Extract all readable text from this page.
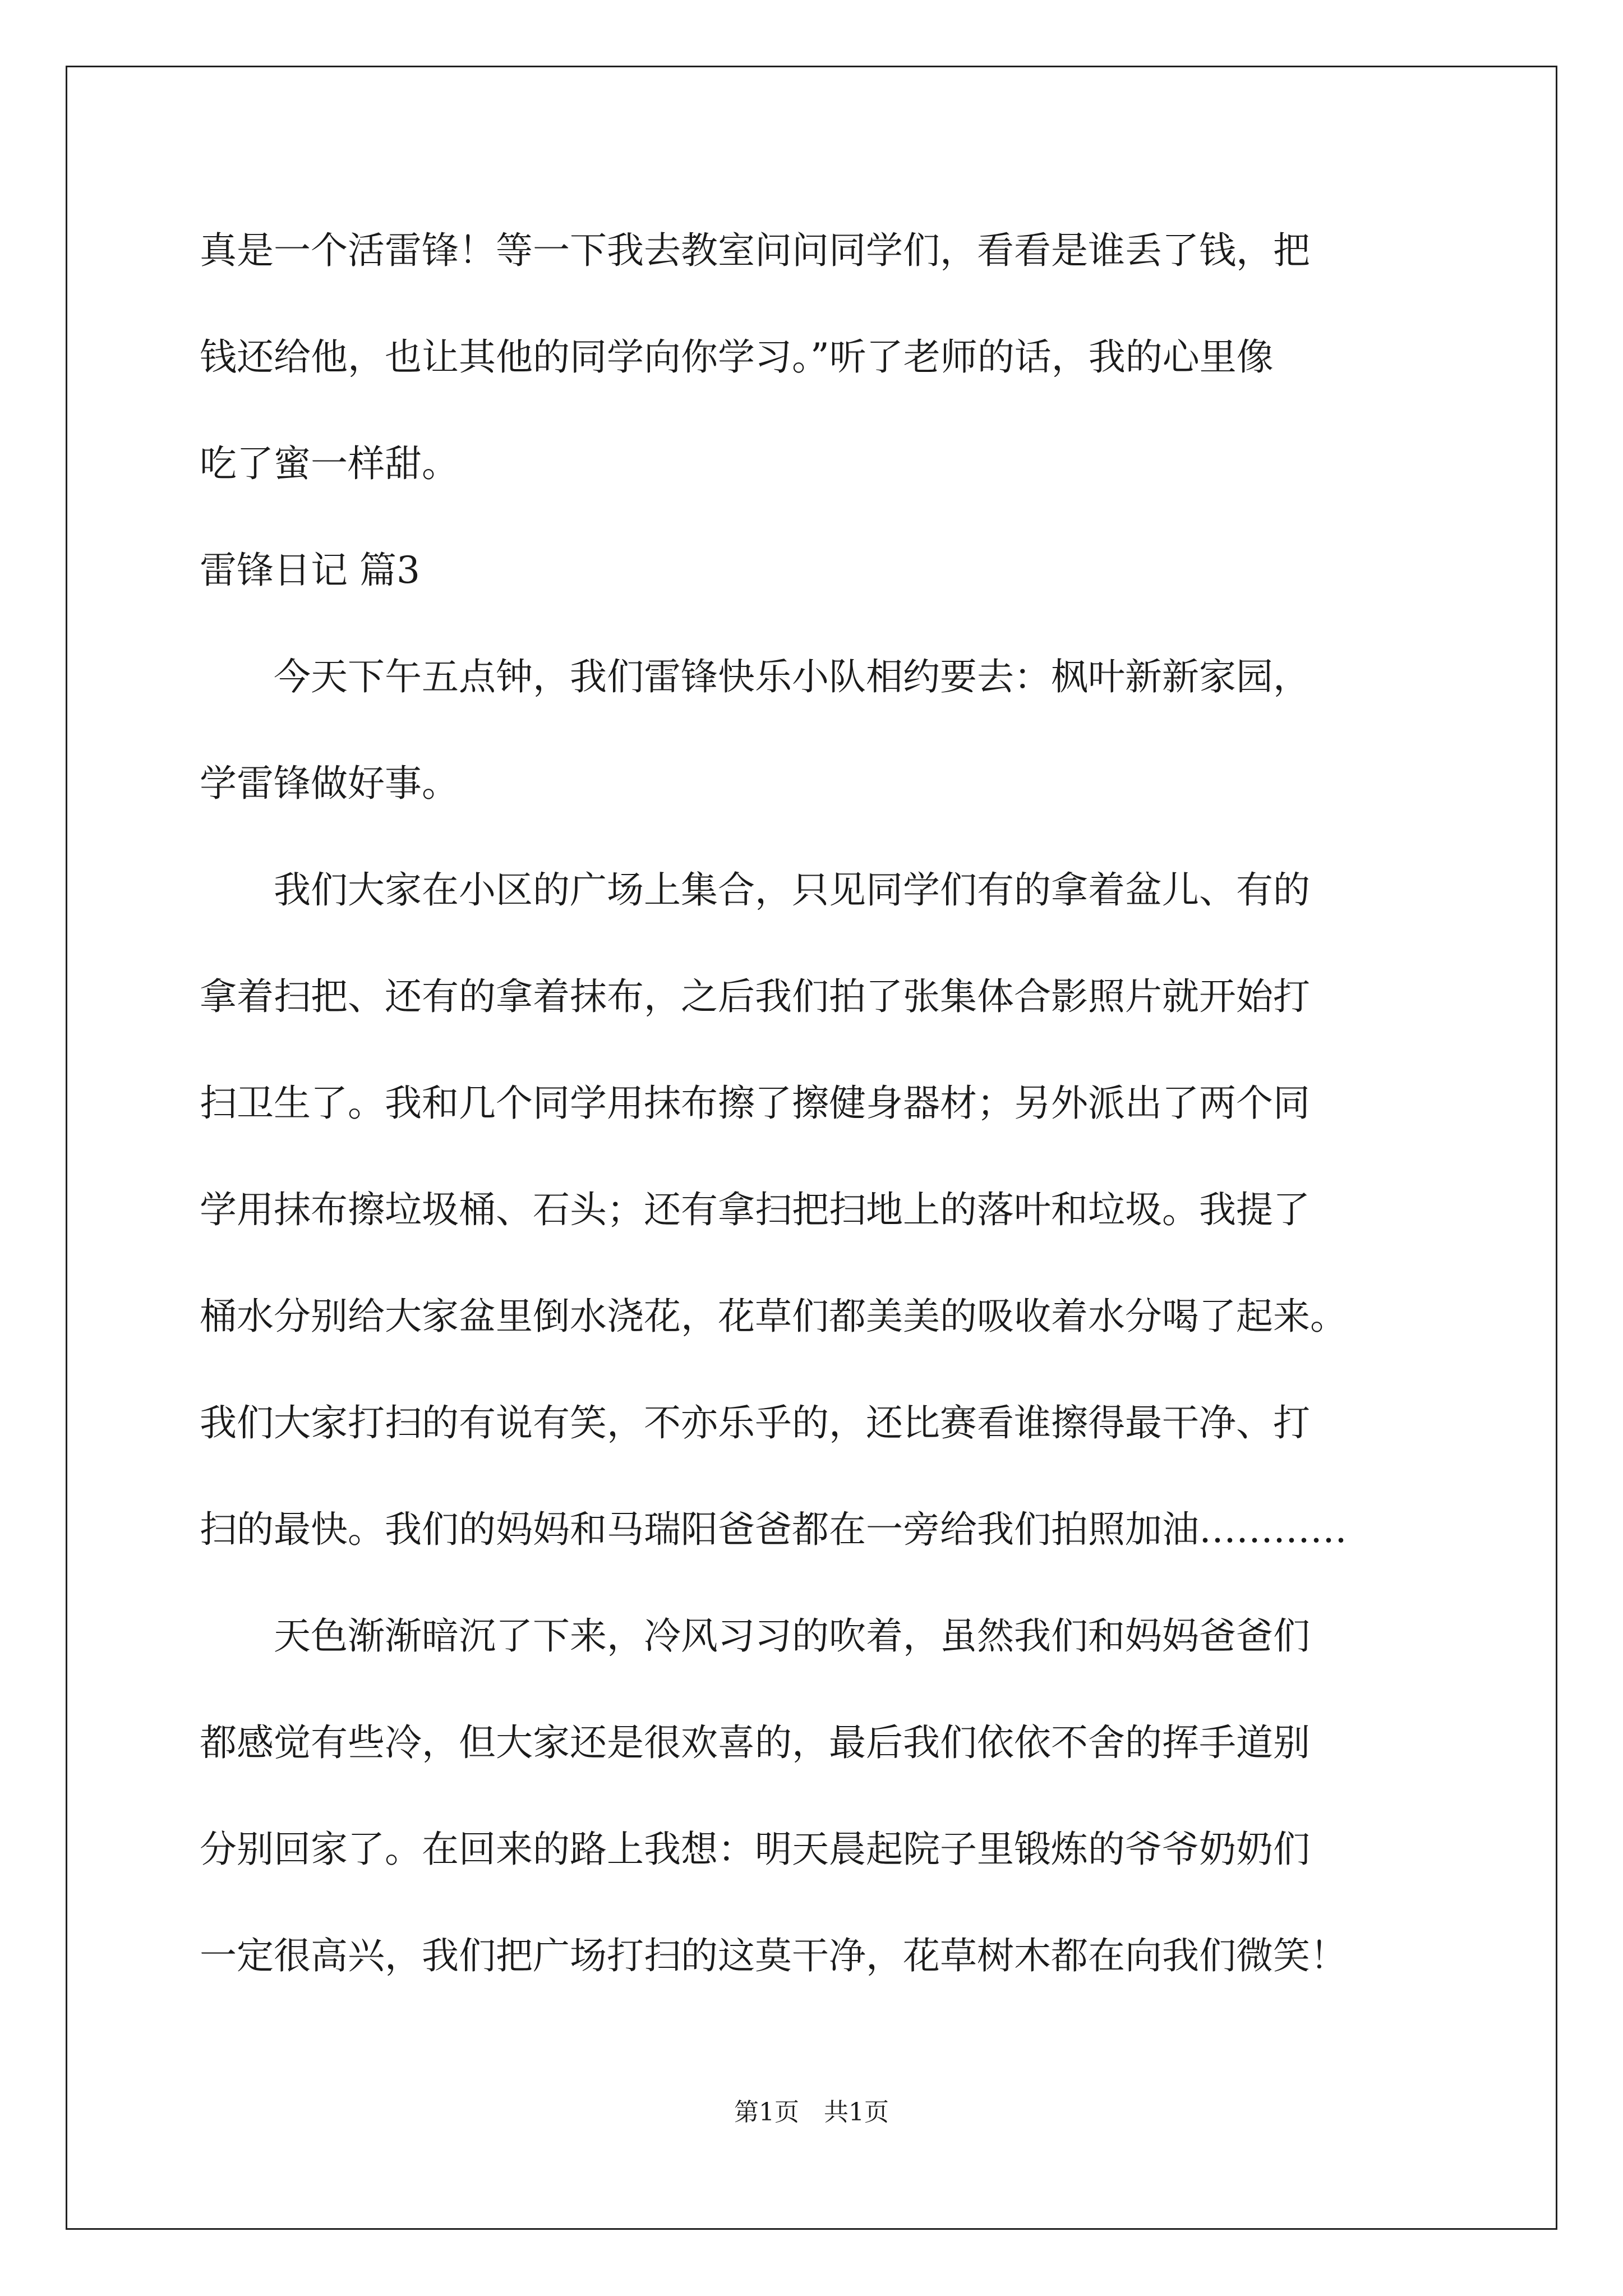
真是一个活雷锋！等一下我去教室问问同学们，看看是谁丢了钱，把
钱还给他，也让其他的同学向你学习。”听了老师的话，我的心里像
吃了蜜一样甜。
雷锋日记 篇3
　　今天下午五点钟，我们雷锋快乐小队相约要去：枫叶新新家园，
学雷锋做好事。
　　我们大家在小区的广场上集合，只见同学们有的拿着盆儿、有的
拿着扫把、还有的拿着抹布，之后我们拍了张集体合影照片就开始打
扫卫生了。我和几个同学用抹布擦了擦健身器材；另外派出了两个同
学用抹布擦垃圾桶、石头；还有拿扫把扫地上的落叶和垃圾。我提了
桶水分别给大家盆里倒水浇花，花草们都美美的吸收着水分喝了起来。
我们大家打扫的有说有笑，不亦乐乎的，还比赛看谁擦得最干净、打
扫的最快。我们的妈妈和马瑞阳爸爸都在一旁给我们拍照加油…………
　　天色渐渐暗沉了下来，冷风习习的吹着，虽然我们和妈妈爸爸们
都感觉有些冷，但大家还是很欢喜的，最后我们依依不舍的挥手道别
分别回家了。在回来的路上我想：明天晨起院子里锻炼的爷爷奶奶们
一定很高兴，我们把广场打扫的这莫干净，花草树木都在向我们微笑！
第1页 共1页
